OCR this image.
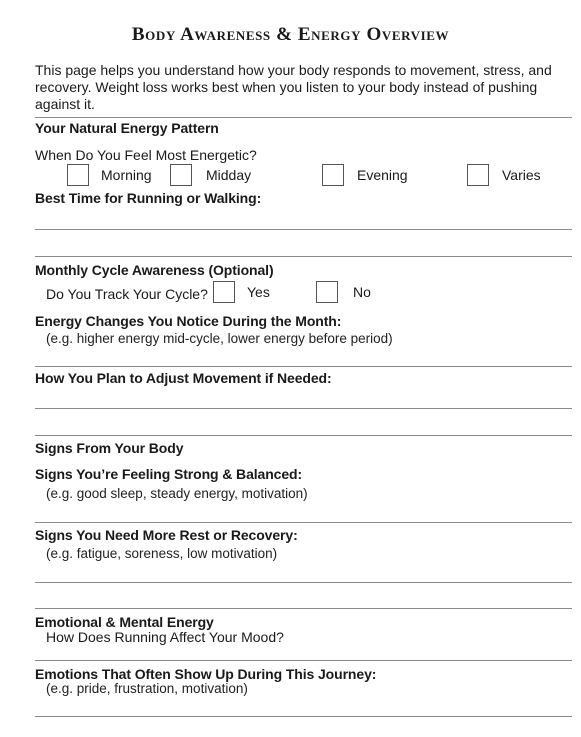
Body Awareness & Energy Overview
This page helps you understand how your body responds to movement, stress, and recovery. Weight loss works best when you listen to your body instead of pushing against it.
Your Natural Energy Pattern
When Do You Feel Most Energetic?
Morning	Midday	Evening	Varies
Best Time for Running or Walking:
Monthly Cycle Awareness (Optional)
Do You Track Your Cycle?	Yes	No
Energy Changes You Notice During the Month:
(e.g. higher energy mid-cycle, lower energy before period)
How You Plan to Adjust Movement if Needed:
Signs From Your Body
Signs You’re Feeling Strong & Balanced:
(e.g. good sleep, steady energy, motivation)
Signs You Need More Rest or Recovery:
(e.g. fatigue, soreness, low motivation)
Emotional & Mental Energy
How Does Running Affect Your Mood?
Emotions That Often Show Up During This Journey:
(e.g. pride, frustration, motivation)
